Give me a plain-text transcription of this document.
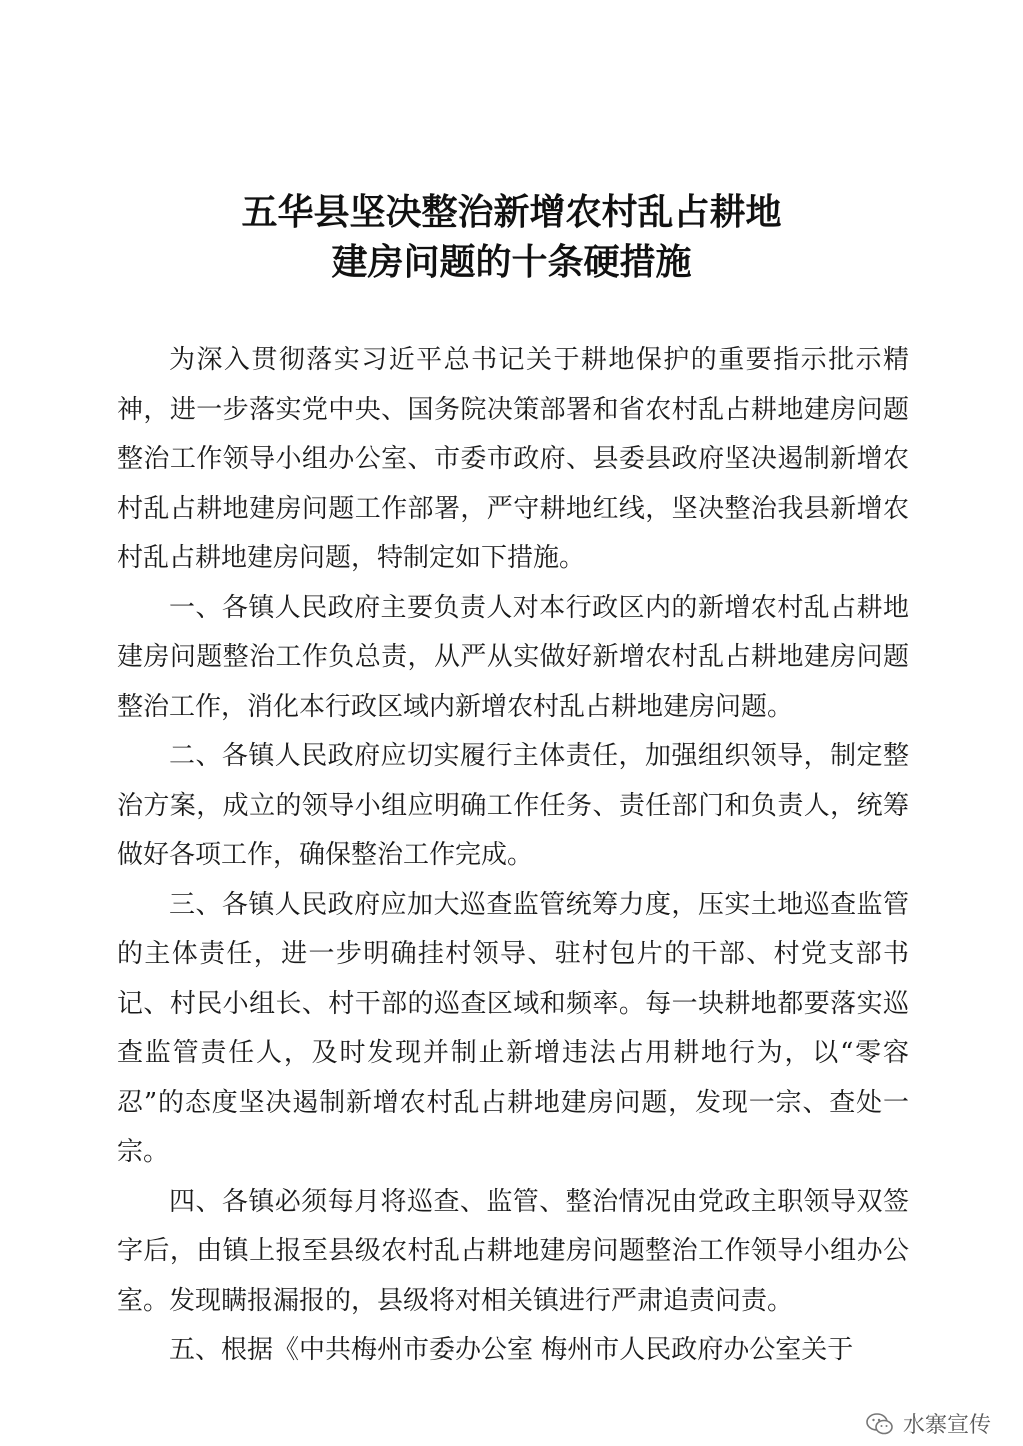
五华县坚决整治新增农村乱占耕地
建房问题的十条硬措施

为深入贯彻落实习近平总书记关于耕地保护的重要指示批示精神，进一步落实党中央、国务院决策部署和省农村乱占耕地建房问题整治工作领导小组办公室、市委市政府、县委县政府坚决遏制新增农村乱占耕地建房问题工作部署，严守耕地红线，坚决整治我县新增农村乱占耕地建房问题，特制定如下措施。

一、各镇人民政府主要负责人对本行政区内的新增农村乱占耕地建房问题整治工作负总责，从严从实做好新增农村乱占耕地建房问题整治工作，消化本行政区域内新增农村乱占耕地建房问题。

二、各镇人民政府应切实履行主体责任，加强组织领导，制定整治方案，成立的领导小组应明确工作任务、责任部门和负责人，统筹做好各项工作，确保整治工作完成。

三、各镇人民政府应加大巡查监管统筹力度，压实土地巡查监管的主体责任，进一步明确挂村领导、驻村包片的干部、村党支部书记、村民小组长、村干部的巡查区域和频率。每一块耕地都要落实巡查监管责任人，及时发现并制止新增违法占用耕地行为，以“零容忍”的态度坚决遏制新增农村乱占耕地建房问题，发现一宗、查处一宗。

四、各镇必须每月将巡查、监管、整治情况由党政主职领导双签字后，由镇上报至县级农村乱占耕地建房问题整治工作领导小组办公室。发现瞒报漏报的，县级将对相关镇进行严肃追责问责。

五、根据《中共梅州市委办公室 梅州市人民政府办公室关于

水寨宣传
